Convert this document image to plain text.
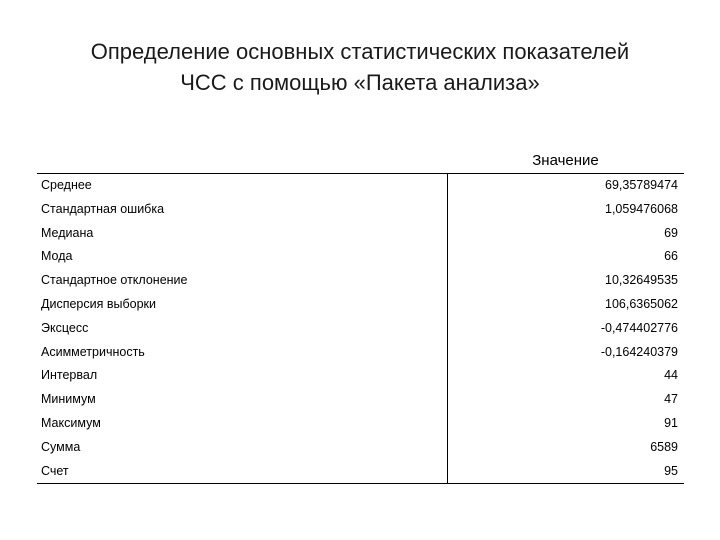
Определение основных статистических показателей
ЧСС с помощью «Пакета анализа»
Значение
Среднее	69,35789474
Стандартная ошибка	1,059476068
Медиана	69
Мода	66
Стандартное отклонение	10,32649535
Дисперсия выборки	106,6365062
Эксцесс	-0,474402776
Асимметричность	-0,164240379
Интервал	44
Минимум	47
Максимум	91
Сумма	6589
Счет	95
